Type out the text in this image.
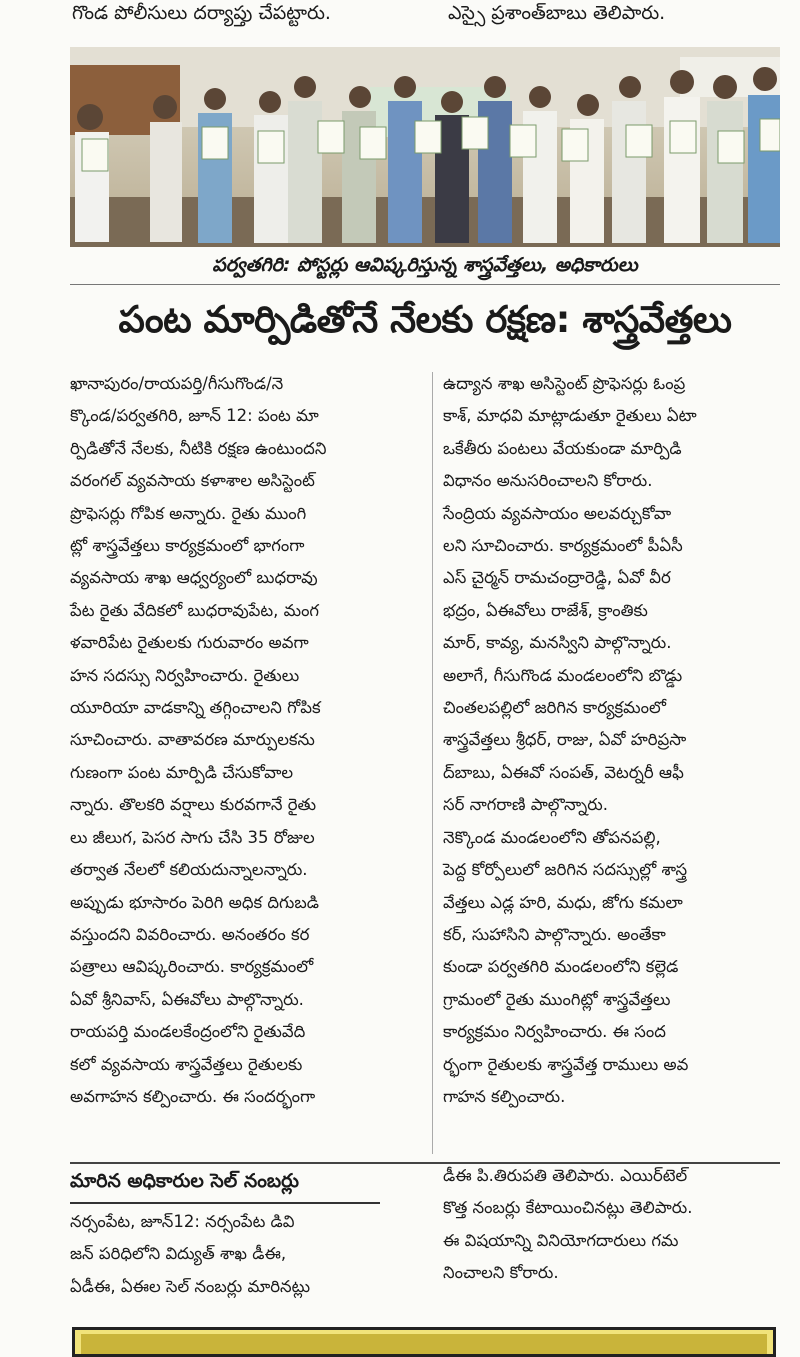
గొండ పోలీసులు దర్యాప్తు చేపట్టారు.	ఎస్సై ప్రశాంత్‌బాబు తెలిపారు.
పర్వతగిరి: పోస్టర్లు ఆవిష్కరిస్తున్న శాస్త్రవేత్తలు, అధికారులు
పంట మార్పిడితోనే నేలకు రక్షణ: శాస్త్రవేత్తలు
ఖానాపురం/రాయపర్తి/గీసుగొండ/నె
క్కొండ/పర్వతగిరి, జూన్ 12: పంట మా
ర్పిడితోనే నేలకు, నీటికి రక్షణ ఉంటుందని
వరంగల్ వ్యవసాయ కళాశాల అసిస్టెంట్
ప్రొఫెసర్లు గోపిక అన్నారు. రైతు ముంగి
ట్లో శాస్త్రవేత్తలు కార్యక్రమంలో భాగంగా
వ్యవసాయ శాఖ ఆధ్వర్యంలో బుధరావు
పేట రైతు వేదికలో బుధరావుపేట, మంగ
ళవారిపేట రైతులకు గురువారం అవగా
హన సదస్సు నిర్వహించారు. రైతులు
యూరియా వాడకాన్ని తగ్గించాలని గోపిక
సూచించారు. వాతావరణ మార్పులకను
గుణంగా పంట మార్పిడి చేసుకోవాల
న్నారు. తొలకరి వర్షాలు కురవగానే రైతు
లు జీలుగ, పెసర సాగు చేసి 35 రోజుల
తర్వాత నేలలో కలియదున్నాలన్నారు.
అప్పుడు భూసారం పెరిగి అధిక దిగుబడి
వస్తుందని వివరించారు. అనంతరం కర
పత్రాలు ఆవిష్కరించారు. కార్యక్రమంలో
ఏవో శ్రీనివాస్, ఏఈవోలు పాల్గొన్నారు.
రాయపర్తి మండలకేంద్రంలోని రైతువేది
కలో వ్యవసాయ శాస్త్రవేత్తలు రైతులకు
అవగాహన కల్పించారు. ఈ సందర్భంగా
ఉద్యాన శాఖ అసిస్టెంట్ ప్రొఫెసర్లు ఓంప్ర
కాశ్, మాధవి మాట్లాడుతూ రైతులు ఏటా
ఒకేతీరు పంటలు వేయకుండా మార్పిడి
విధానం అనుసరించాలని కోరారు.
సేంద్రియ వ్యవసాయం అలవర్చుకోవా
లని సూచించారు. కార్యక్రమంలో పీఏసీ
ఎస్ చైర్మన్ రామచంద్రారెడ్డి, ఏవో వీర
భద్రం, ఏఈవోలు రాజేశ్, క్రాంతికు
మార్, కావ్య, మనస్విని పాల్గొన్నారు.
అలాగే, గీసుగొండ మండలంలోని బొడ్డు
చింతలపల్లిలో జరిగిన కార్యక్రమంలో
శాస్త్రవేత్తలు శ్రీధర్, రాజు, ఏవో హరిప్రసా
ద్‌బాబు, ఏఈవో సంపత్, వెటర్నరీ ఆఫీ
సర్ నాగరాణి పాల్గొన్నారు.
నెక్కొండ మండలంలోని తోపనపల్లి,
పెద్ద కోర్పోలులో జరిగిన సదస్సుల్లో శాస్త్ర
వేత్తలు ఎడ్ల హరి, మధు, జోగు కమలా
కర్, సుహాసిని పాల్గొన్నారు. అంతేకా
కుండా పర్వతగిరి మండలంలోని కల్లెడ
గ్రామంలో రైతు ముంగిట్లో శాస్త్రవేత్తలు
కార్యక్రమం నిర్వహించారు. ఈ సంద
ర్భంగా రైతులకు శాస్త్రవేత్త రాములు అవ
గాహన కల్పించారు.
మారిన అధికారుల సెల్ నంబర్లు
నర్సంపేట, జూన్12: నర్సంపేట డివి
జన్ పరిధిలోని విద్యుత్ శాఖ డీఈ,
ఏడీఈ, ఏఈల సెల్ నంబర్లు మారినట్లు
డీఈ పి.తిరుపతి తెలిపారు. ఎయిర్‌టెల్
కొత్త నంబర్లు కేటాయించినట్లు తెలిపారు.
ఈ విషయాన్ని వినియోగదారులు గమ
నించాలని కోరారు.
